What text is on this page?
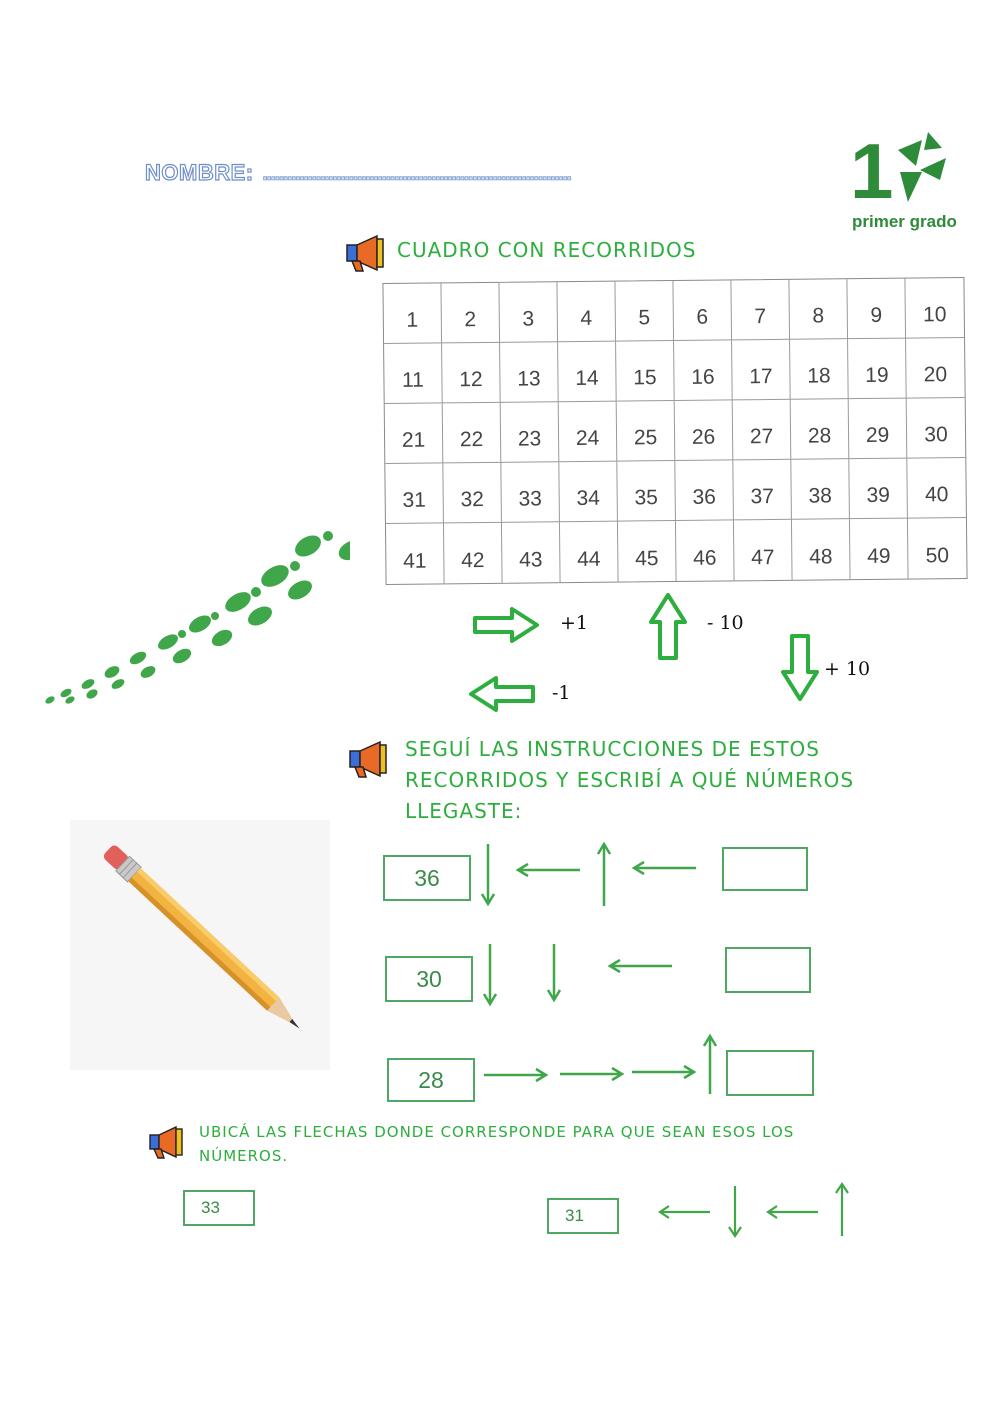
NOMBRE: ...........................................................................	1
primer grado
CUADRO CON RECORRIDOS
1	2	3	4	5	6	7	8	9	10
11	12	13	14	15	16	17	18	19	20
21	22	23	24	25	26	27	28	29	30
31	32	33	34	35	36	37	38	39	40
41	42	43	44	45	46	47	48	49	50
+1	- 10
+ 10
-1
SEGUÍ LAS INSTRUCCIONES DE ESTOS
RECORRIDOS Y ESCRIBÍ A QUÉ NÚMEROS
LLEGASTE:
36
30
28
UBICÁ LAS FLECHAS DONDE CORRESPONDE PARA QUE SEAN ESOS LOS
NÚMEROS.
33	31
